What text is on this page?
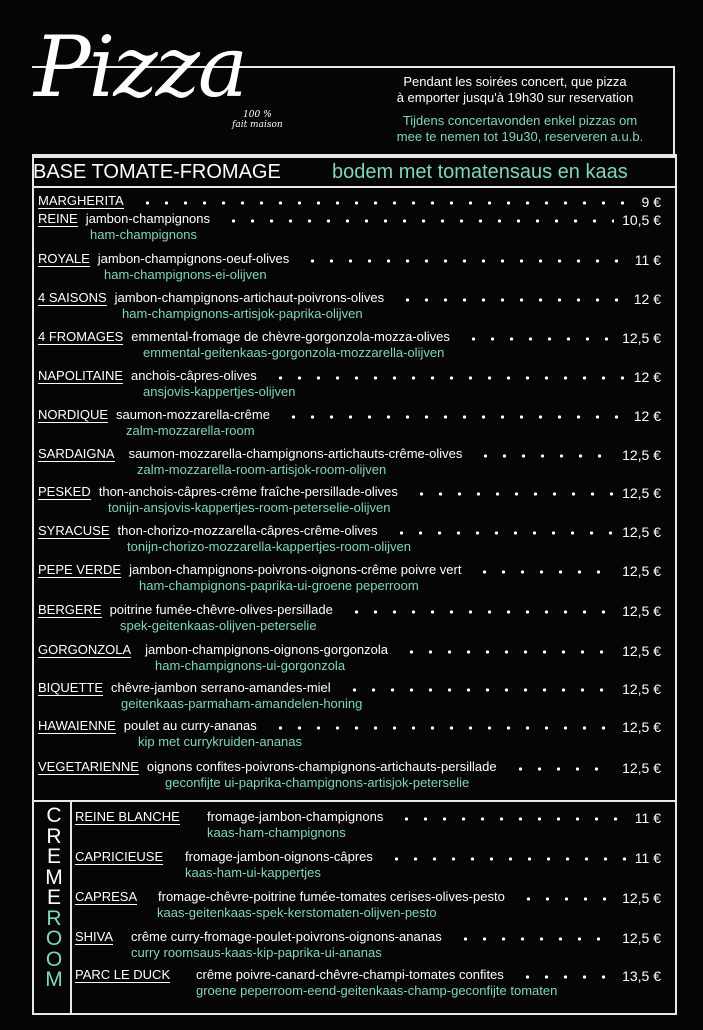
Pizza
100 %
fait maison
Pendant les soirées concert, que pizza
à emporter jusqu'à 19h30 sur reservation
Tijdens concertavonden enkel pizzas om
mee te nemen tot 19u30, reserveren a.u.b.
BASE TOMATE-FROMAGE	bodem met tomatensaus en kaas
C
R
E
M
E
R
O
O
M
MARGHERITA	9 €
REINE jambon-champignons
ham-champignons
10,5 €
ROYALE jambon-champignons-oeuf-olives
ham-champignons-ei-olijven
11 €
4 SAISONS jambon-champignons-artichaut-poivrons-olives
ham-champignons-artisjok-paprika-olijven
12 €
4 FROMAGES emmental-fromage de chèvre-gorgonzola-mozza-olives
emmental-geitenkaas-gorgonzola-mozzarella-olijven
12,5 €
NAPOLITAINE anchois-câpres-olives
ansjovis-kappertjes-olijven
12 €
NORDIQUE saumon-mozzarella-crême
zalm-mozzarella-room
12 €
SARDAIGNA saumon-mozzarella-champignons-artichauts-crême-olives
zalm-mozzarella-room-artisjok-room-olijven
12,5 €
PESKED thon-anchois-câpres-crême fraîche-persillade-olives
tonijn-ansjovis-kappertjes-room-peterselie-olijven
12,5 €
SYRACUSE thon-chorizo-mozzarella-câpres-crême-olives
tonijn-chorizo-mozzarella-kappertjes-room-olijven
12,5 €
PEPE VERDE jambon-champignons-poivrons-oignons-crême poivre vert
ham-champignons-paprika-ui-groene peperroom
12,5 €
BERGERE poitrine fumée-chêvre-olives-persillade
spek-geitenkaas-olijven-peterselie
12,5 €
GORGONZOLA jambon-champignons-oignons-gorgonzola
ham-champignons-ui-gorgonzola
12,5 €
BIQUETTE chêvre-jambon serrano-amandes-miel
geitenkaas-parmaham-amandelen-honing
12,5 €
HAWAIENNE poulet au curry-ananas
kip met currykruiden-ananas
12,5 €
VEGETARIENNE oignons confites-poivrons-champignons-artichauts-persillade
geconfijte ui-paprika-champignons-artisjok-peterselie
12,5 €
REINE BLANCHE fromage-jambon-champignons
kaas-ham-champignons
11 €
CAPRICIEUSE fromage-jambon-oignons-câpres
kaas-ham-ui-kappertjes
11 €
CAPRESA fromage-chêvre-poitrine fumée-tomates cerises-olives-pesto
kaas-geitenkaas-spek-kerstomaten-olijven-pesto
12,5 €
SHIVA crême curry-fromage-poulet-poivrons-oignons-ananas
curry roomsaus-kaas-kip-paprika-ui-ananas
12,5 €
PARC LE DUCK crême poivre-canard-chêvre-champi-tomates confites
groene peperroom-eend-geitenkaas-champ-geconfijte tomaten
13,5 €
